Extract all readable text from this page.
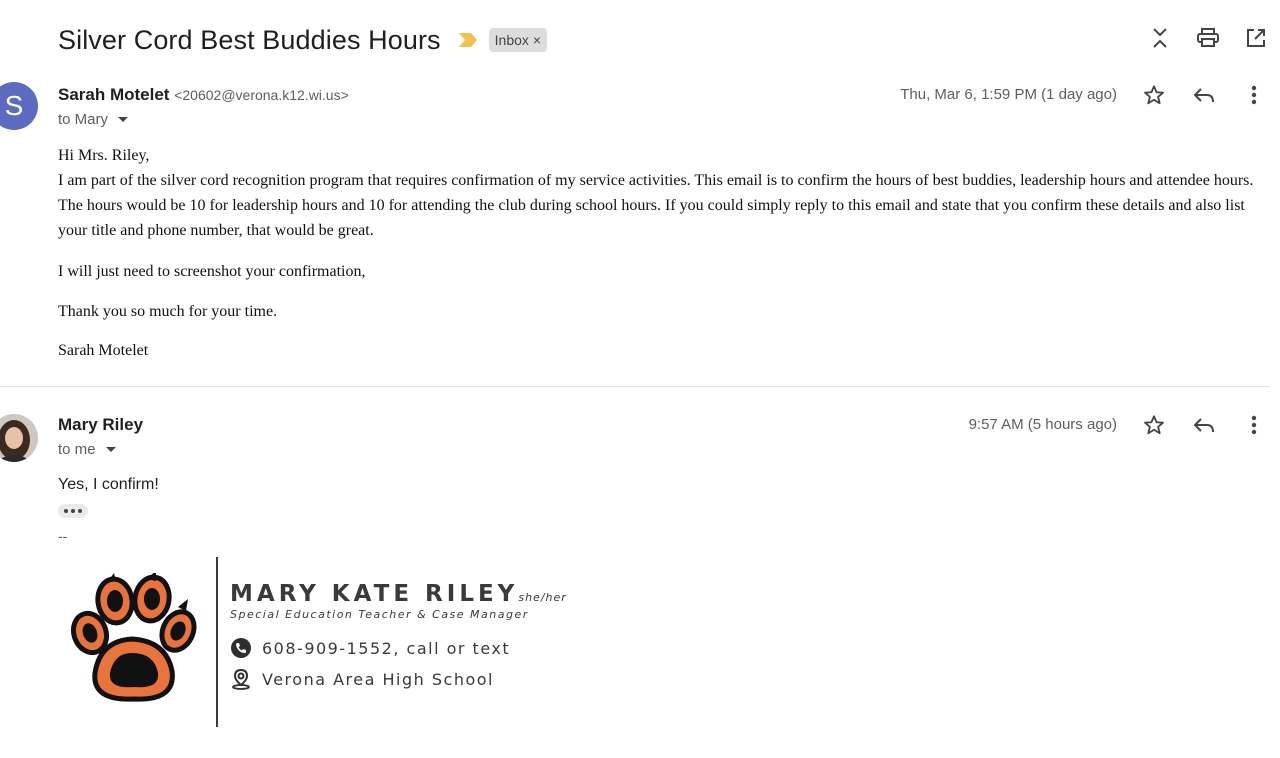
Silver Cord Best Buddies Hours	Inbox ×
S	Sarah Motelet <20602@verona.k12.wi.us>
to Mary
Thu, Mar 6, 1:59 PM (1 day ago)

Hi Mrs. Riley,

I am part of the silver cord recognition program that requires confirmation of my service activities. This email is to confirm the hours of best buddies, leadership hours and attendee hours. The hours would be 10 for leadership hours and 10 for attending the club during school hours. If you could simply reply to this email and state that you confirm these details and also list your title and phone number, that would be great.

I will just need to screenshot your confirmation,

Thank you so much for your time.

Sarah Motelet

Mary Riley
to me
9:57 AM (5 hours ago)
Yes, I confirm!
--
MARY KATE RILEYshe/her
Special Education Teacher & Case Manager
608-909-1552, call or text
Verona Area High School
